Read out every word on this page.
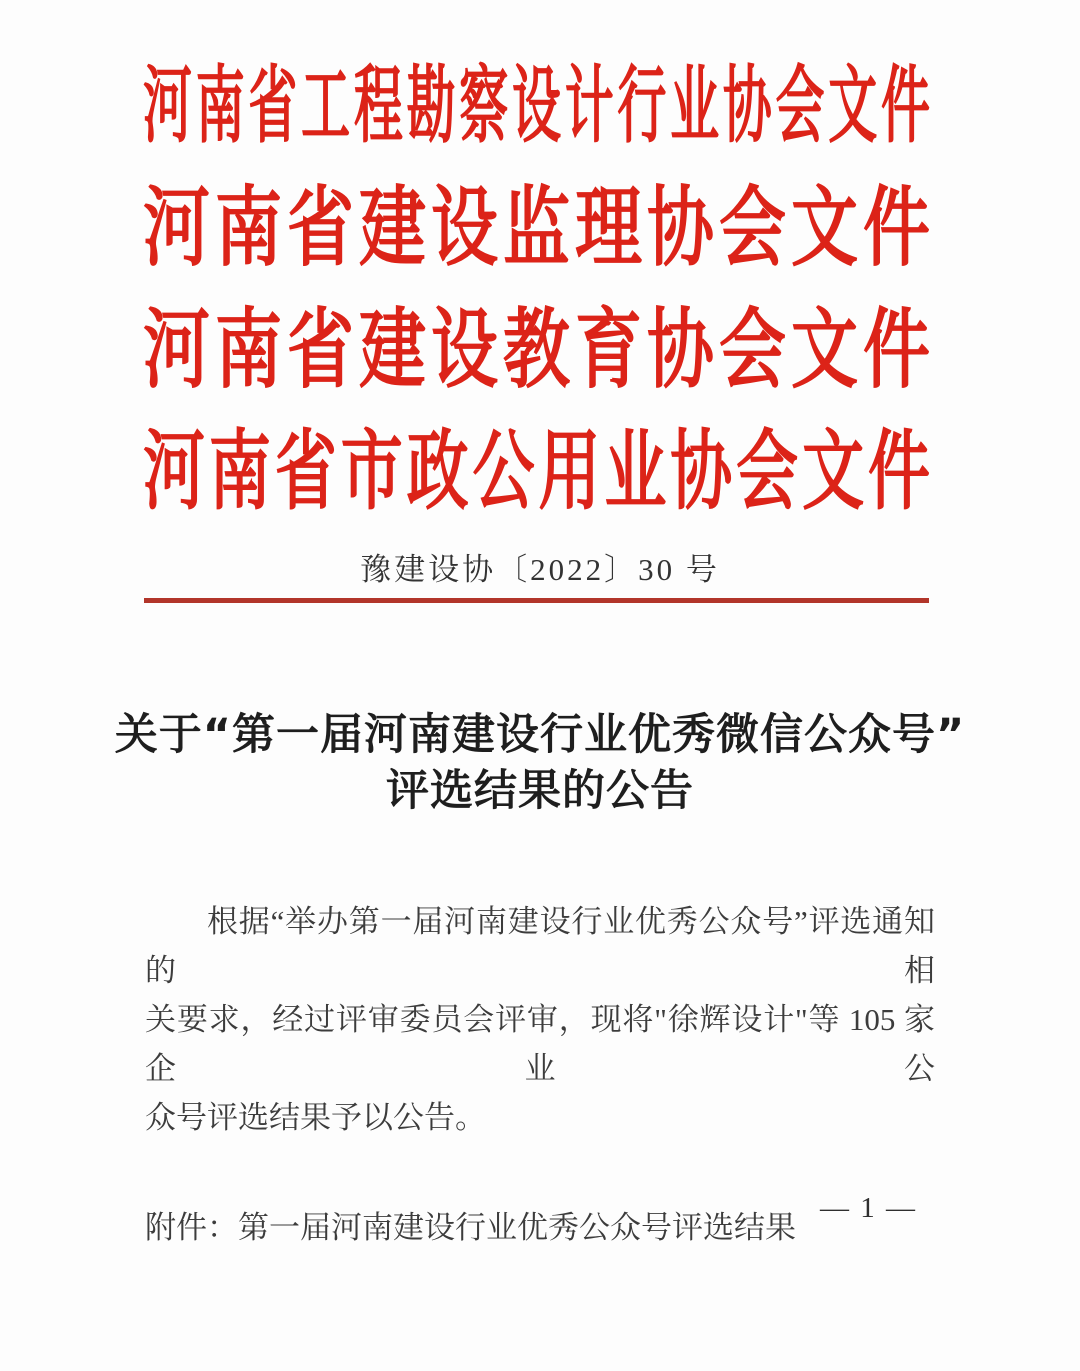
河南省工程勘察设计行业协会文件
河南省建设监理协会文件
河南省建设教育协会文件
河南省市政公用业协会文件
豫建设协〔2022〕30 号
关于“第一届河南建设行业优秀微信公众号”
评选结果的公告
根据“举办第一届河南建设行业优秀公众号”评选通知的相
关要求，经过评审委员会评审，现将"徐辉设计"等 105 家企业公
众号评选结果予以公告。
附件：第一届河南建设行业优秀公众号评选结果
— 1 —
